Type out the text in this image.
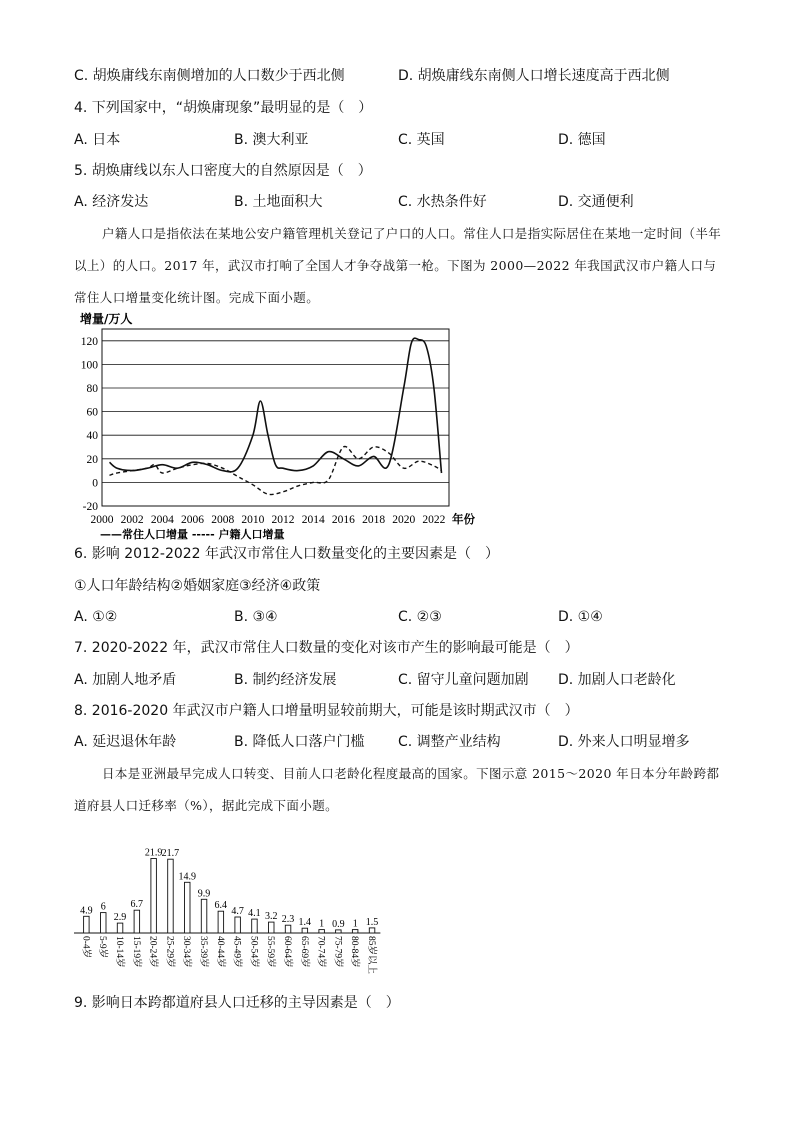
C. 胡焕庸线东南侧增加的人口数少于西北侧	D. 胡焕庸线东南侧人口增长速度高于西北侧
4. 下列国家中，“胡焕庸现象”最明显的是（　）
A. 日本	B. 澳大利亚	C. 英国	D. 德国
5. 胡焕庸线以东人口密度大的自然原因是（　）
A. 经济发达	B. 土地面积大	C. 水热条件好	D. 交通便利
户籍人口是指依法在某地公安户籍管理机关登记了户口的人口。常住人口是指实际居住在某地一定时间（半年以上）的人口。2017 年，武汉市打响了全国人才争夺战第一枪。下图为 2000—2022 年我国武汉市户籍人口与常住人口增量变化统计图。完成下面小题。
120
100
80
60
40
20
0
-20
2000 2002 2004 2006 2008 2010 2012 2014 2016 2018 2020 2022
增量/万人
年份
——常住人口增量 ----- 户籍人口增量
6. 影响 2012-2022 年武汉市常住人口数量变化的主要因素是（　）
①人口年龄结构②婚姻家庭③经济④政策
A. ①②	B. ③④	C. ②③	D. ①④
7. 2020-2022 年，武汉市常住人口数量的变化对该市产生的影响最可能是（　）
A. 加剧人地矛盾	B. 制约经济发展	C. 留守儿童问题加剧 D. 加剧人口老龄化
8. 2016-2020 年武汉市户籍人口增量明显较前期大，可能是该时期武汉市（　）
A. 延迟退休年龄	B. 降低人口落户门槛 C. 调整产业结构	D. 外来人口明显增多
日本是亚洲最早完成人口转变、目前人口老龄化程度最高的国家。下图示意 2015～2020 年日本分年龄跨都道府县人口迁移率（%），据此完成下面小题。
4.9
0-4岁
6
5-9岁
2.9
10-14岁
6.7
15-19岁
21.9
20-24岁
21.7
25-29岁
14.9
30-34岁
9.9
35-39岁
6.4
40-44岁
4.7
45-49岁
4.1
50-54岁
3.2
55-59岁
2.3
60-64岁
1.4
65-69岁
1
70-74岁
0.9
75-79岁
1
80-84岁
1.5
85岁以上
9. 影响日本跨都道府县人口迁移的主导因素是（　）
